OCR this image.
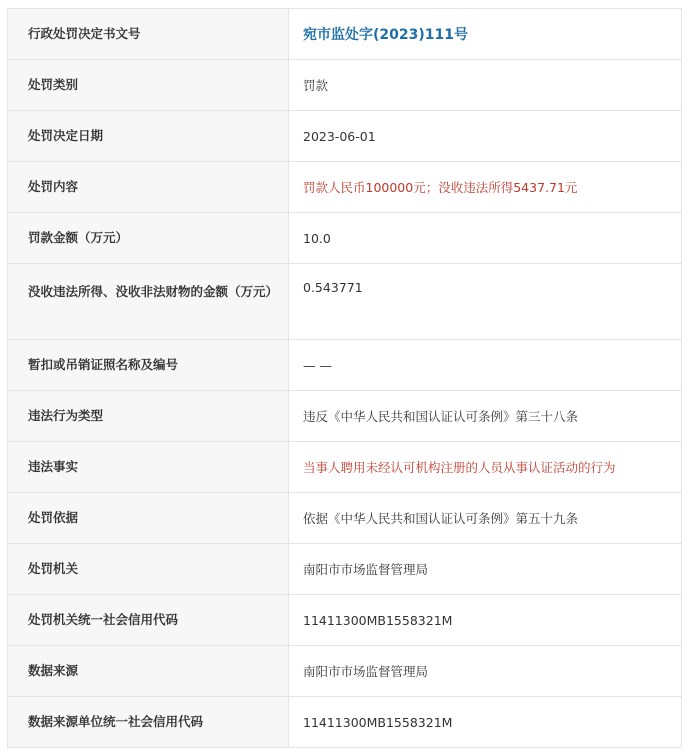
行政处罚决定书文号	宛市监处字(2023)111号
处罚类别	罚款
处罚决定日期	2023-06-01
处罚内容	罚款人民币100000元；没收违法所得5437.71元
罚款金额（万元）	10.0
没收违法所得、没收非法财物的金额（万元）	0.543771
暂扣或吊销证照名称及编号	— —
违法行为类型	违反《中华人民共和国认证认可条例》第三十八条
违法事实	当事人聘用未经认可机构注册的人员从事认证活动的行为
处罚依据	依据《中华人民共和国认证认可条例》第五十九条
处罚机关	南阳市市场监督管理局
处罚机关统一社会信用代码	11411300MB1558321M
数据来源	南阳市市场监督管理局
数据来源单位统一社会信用代码	11411300MB1558321M
